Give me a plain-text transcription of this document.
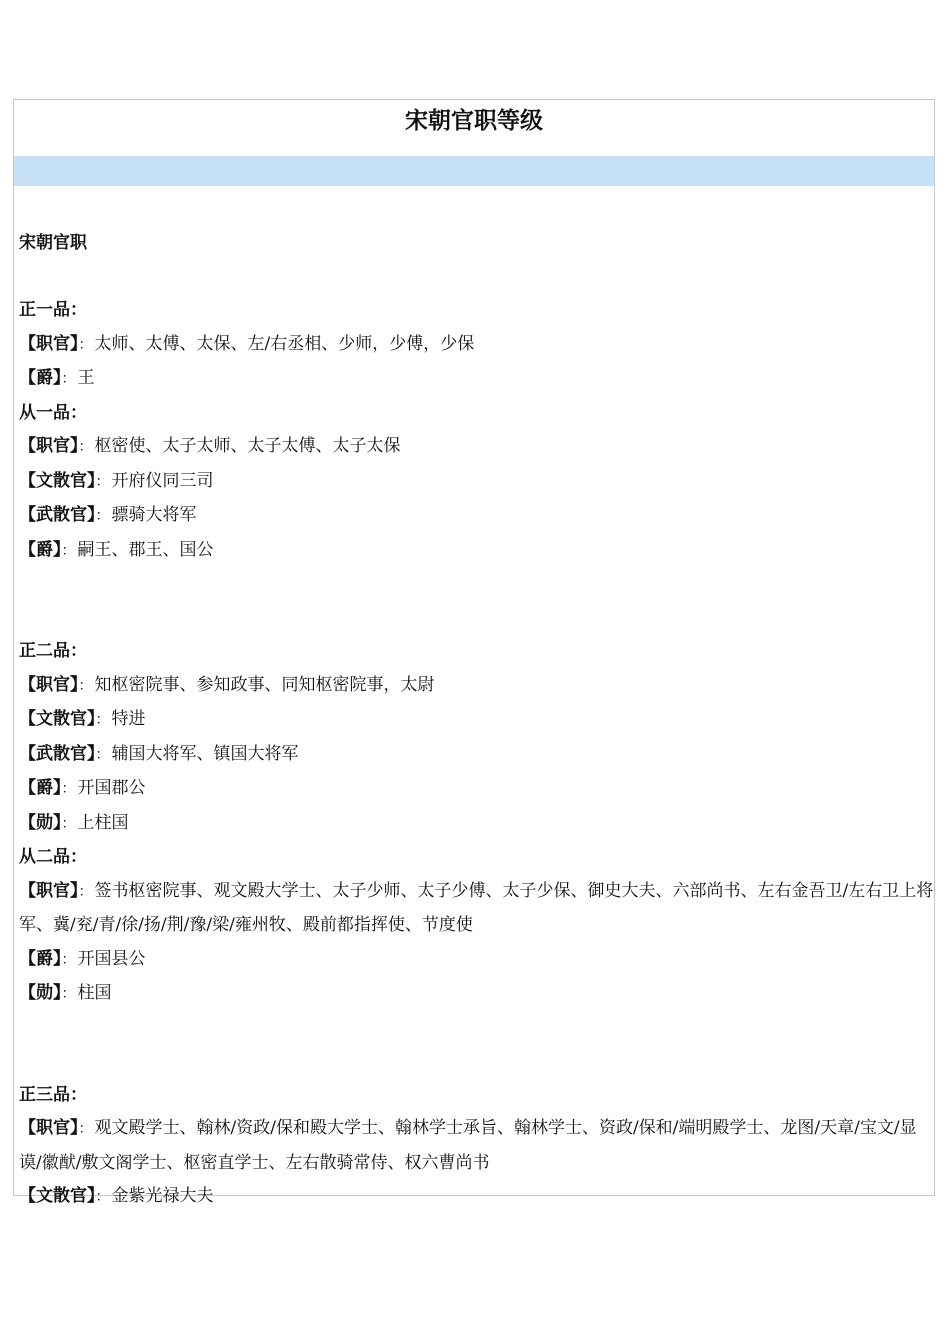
宋朝官职等级
宋朝官职
正一品：
【职官】： 太师、太傅、太保、左/右丞相、少师，少傅，少保
【爵】： 王
从一品：
【职官】： 枢密使、太子太师、太子太傅、太子太保
【文散官】： 开府仪同三司
【武散官】： 骠骑大将军
【爵】： 嗣王、郡王、国公
正二品：
【职官】： 知枢密院事、参知政事、同知枢密院事，太尉
【文散官】： 特进
【武散官】： 辅国大将军、镇国大将军
【爵】： 开国郡公
【勋】： 上柱国
从二品：
【职官】： 签书枢密院事、观文殿大学士、太子少师、太子少傅、太子少保、御史大夫、六部尚书、左右金吾卫/左右卫上将军、冀/兖/青/徐/扬/荆/豫/梁/雍州牧、殿前都指挥使、节度使
【爵】： 开国县公
【勋】： 柱国
正三品：
【职官】： 观文殿学士、翰林/资政/保和殿大学士、翰林学士承旨、翰林学士、资政/保和/端明殿学士、龙图/天章/宝文/显谟/徽猷/敷文阁学士、枢密直学士、左右散骑常侍、权六曹尚书
【文散官】： 金紫光禄大夫
